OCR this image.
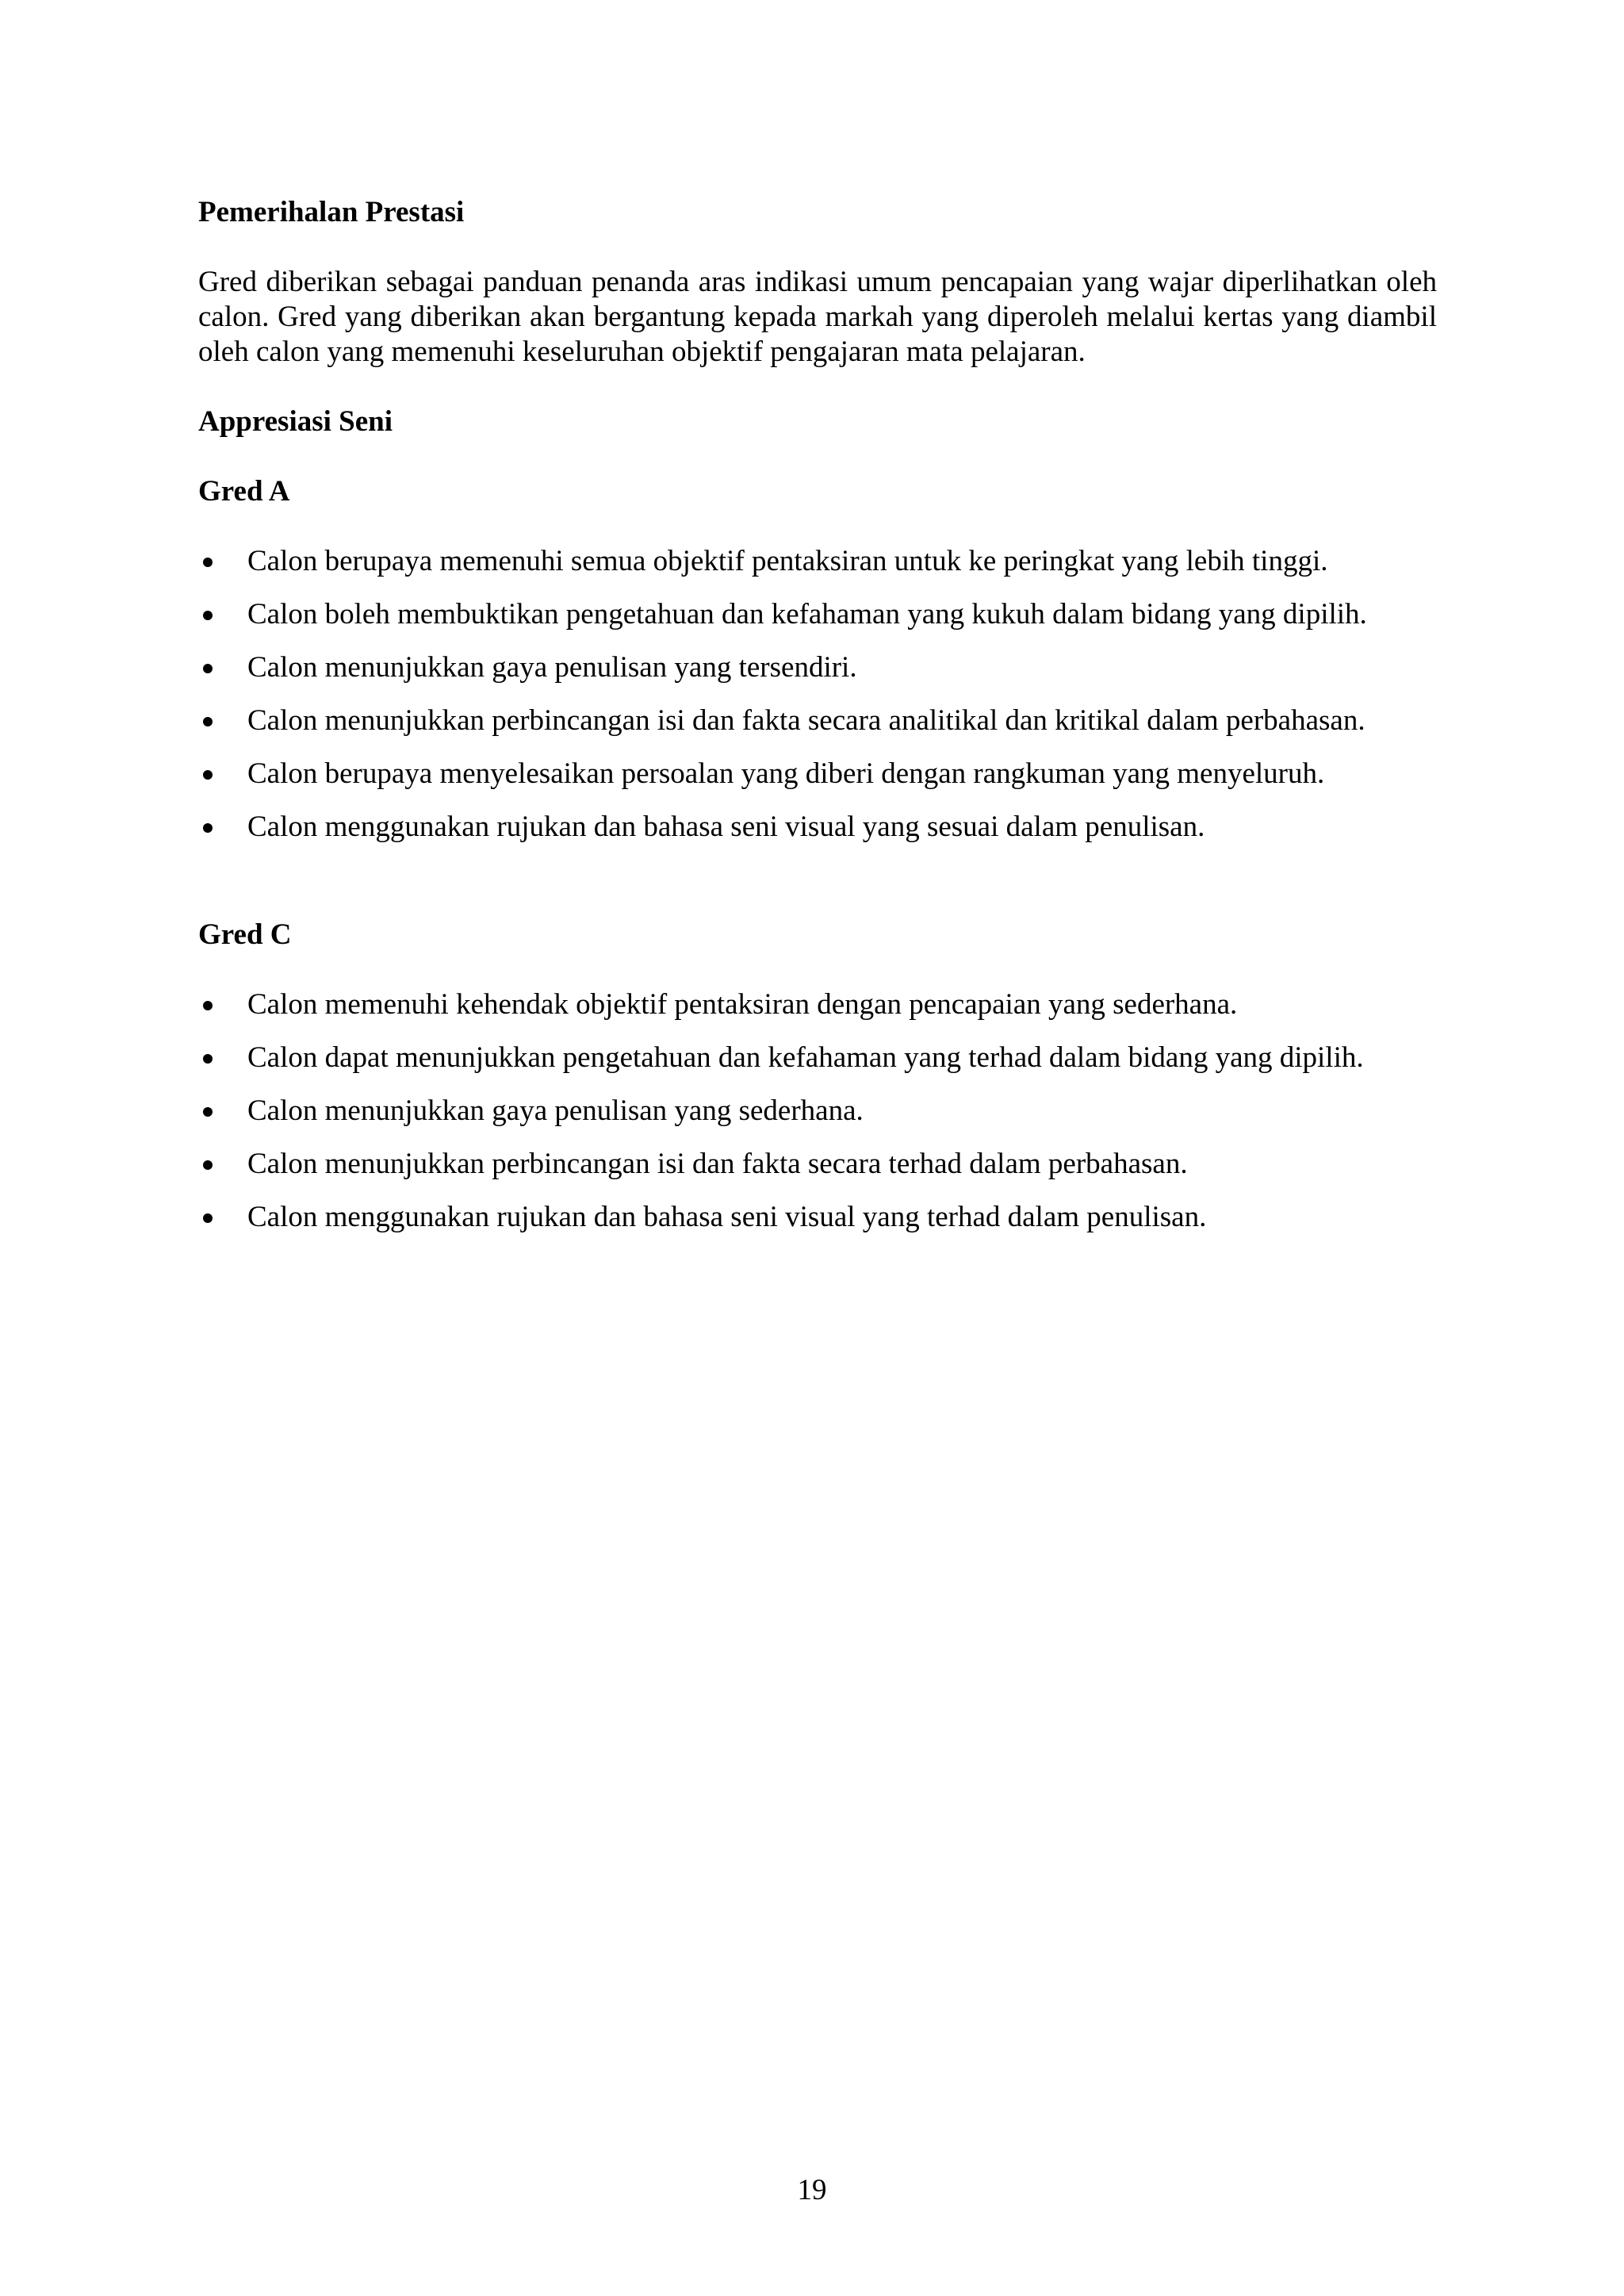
Pemerihalan Prestasi

Gred diberikan sebagai panduan penanda aras indikasi umum pencapaian yang wajar diperlihatkan oleh calon. Gred yang diberikan akan bergantung kepada markah yang diperoleh melalui kertas yang diambil oleh calon yang memenuhi keseluruhan objektif pengajaran mata pelajaran.

Appresiasi Seni

Gred A

Calon berupaya memenuhi semua objektif pentaksiran untuk ke peringkat yang lebih tinggi.
Calon boleh membuktikan pengetahuan dan kefahaman yang kukuh dalam bidang yang dipilih.
Calon menunjukkan gaya penulisan yang tersendiri.
Calon menunjukkan perbincangan isi dan fakta secara analitikal dan kritikal dalam perbahasan.
Calon berupaya menyelesaikan persoalan yang diberi dengan rangkuman yang menyeluruh.
Calon menggunakan rujukan dan bahasa seni visual yang sesuai dalam penulisan.

Gred C

Calon memenuhi kehendak objektif pentaksiran dengan pencapaian yang sederhana.
Calon dapat menunjukkan pengetahuan dan kefahaman yang terhad dalam bidang yang dipilih.
Calon menunjukkan gaya penulisan yang sederhana.
Calon menunjukkan perbincangan isi dan fakta secara terhad dalam perbahasan.
Calon menggunakan rujukan dan bahasa seni visual yang terhad dalam penulisan.
19
